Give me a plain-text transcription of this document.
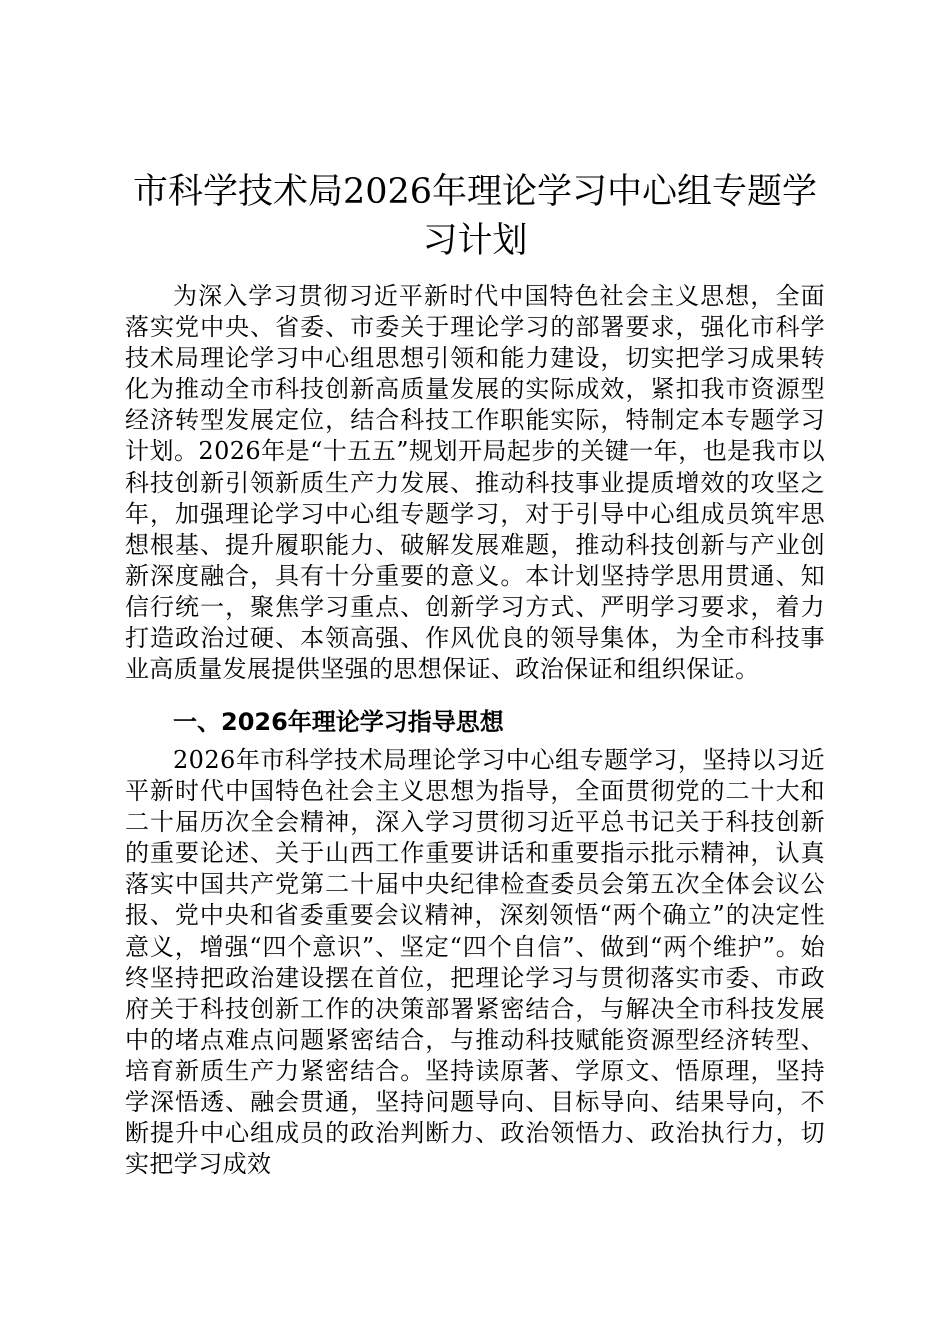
市科学技术局2026年理论学习中心组专题学习计划

为深入学习贯彻习近平新时代中国特色社会主义思想，全面落实党中央、省委、市委关于理论学习的部署要求，强化市科学技术局理论学习中心组思想引领和能力建设，切实把学习成果转化为推动全市科技创新高质量发展的实际成效，紧扣我市资源型经济转型发展定位，结合科技工作职能实际，特制定本专题学习计划。2026年是“十五五”规划开局起步的关键一年，也是我市以科技创新引领新质生产力发展、推动科技事业提质增效的攻坚之年，加强理论学习中心组专题学习，对于引导中心组成员筑牢思想根基、提升履职能力、破解发展难题，推动科技创新与产业创新深度融合，具有十分重要的意义。本计划坚持学思用贯通、知信行统一，聚焦学习重点、创新学习方式、严明学习要求，着力打造政治过硬、本领高强、作风优良的领导集体，为全市科技事业高质量发展提供坚强的思想保证、政治保证和组织保证。

一、2026年理论学习指导思想

2026年市科学技术局理论学习中心组专题学习，坚持以习近平新时代中国特色社会主义思想为指导，全面贯彻党的二十大和二十届历次全会精神，深入学习贯彻习近平总书记关于科技创新的重要论述、关于山西工作重要讲话和重要指示批示精神，认真落实中国共产党第二十届中央纪律检查委员会第五次全体会议公报、党中央和省委重要会议精神，深刻领悟“两个确立”的决定性意义，增强“四个意识”、坚定“四个自信”、做到“两个维护”。始终坚持把政治建设摆在首位，把理论学习与贯彻落实市委、市政府关于科技创新工作的决策部署紧密结合，与解决全市科技发展中的堵点难点问题紧密结合，与推动科技赋能资源型经济转型、培育新质生产力紧密结合。坚持读原著、学原文、悟原理，坚持学深悟透、融会贯通，坚持问题导向、目标导向、结果导向，不断提升中心组成员的政治判断力、政治领悟力、政治执行力，切实把学习成效
